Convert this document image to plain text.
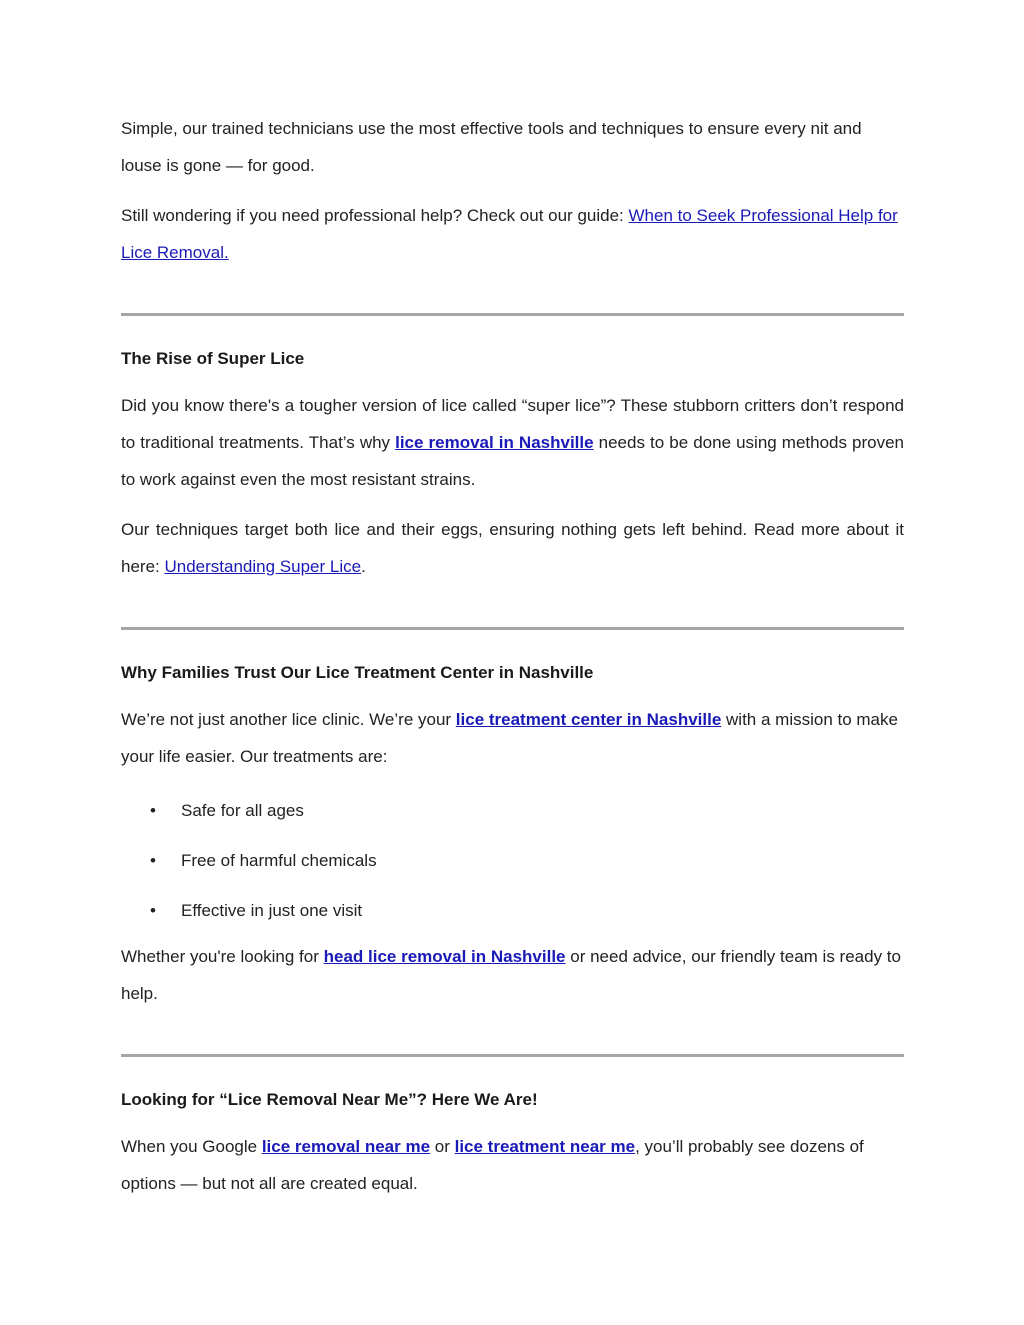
Simple, our trained technicians use the most effective tools and techniques to ensure every nit and louse is gone — for good.

Still wondering if you need professional help? Check out our guide: When to Seek Professional Help for Lice Removal.

The Rise of Super Lice

Did you know there's a tougher version of lice called “super lice”? These stubborn critters don’t respond to traditional treatments. That’s why lice removal in Nashville needs to be done using methods proven to work against even the most resistant strains.

Our techniques target both lice and their eggs, ensuring nothing gets left behind. Read more about it here: Understanding Super Lice.

Why Families Trust Our Lice Treatment Center in Nashville

We’re not just another lice clinic. We’re your lice treatment center in Nashville with a mission to make your life easier. Our treatments are:

• Safe for all ages
• Free of harmful chemicals
• Effective in just one visit

Whether you're looking for head lice removal in Nashville or need advice, our friendly team is ready to help.

Looking for “Lice Removal Near Me”? Here We Are!

When you Google lice removal near me or lice treatment near me, you’ll probably see dozens of options — but not all are created equal.
